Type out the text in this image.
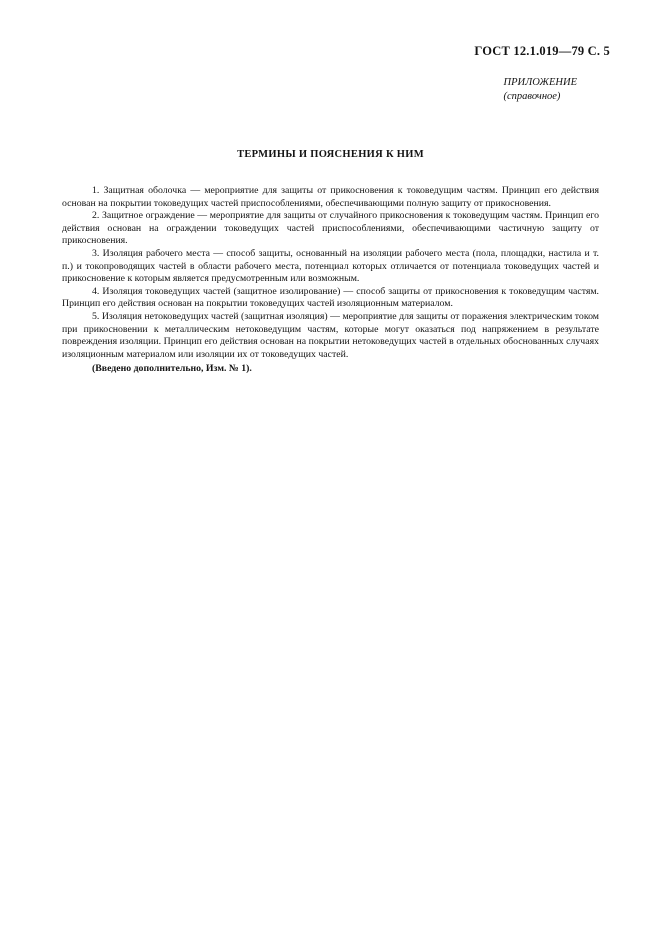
ГОСТ 12.1.019—79 С. 5
ПРИЛОЖЕНИЕ
(справочное)
ТЕРМИНЫ И ПОЯСНЕНИЯ К НИМ

1. Защитная оболочка — мероприятие для защиты от прикосновения к токоведущим частям. Принцип его действия основан на покрытии токоведущих частей приспособлениями, обеспечивающими полную защиту от прикосновения.

2. Защитное ограждение — мероприятие для защиты от случайного прикосновения к токоведущим частям. Принцип его действия основан на ограждении токоведущих частей приспособлениями, обеспечивающими частичную защиту от прикосновения.

3. Изоляция рабочего места — способ защиты, основанный на изоляции рабочего места (пола, площадки, настила и т. п.) и токопроводящих частей в области рабочего места, потенциал которых отличается от потенциала токоведущих частей и прикосновение к которым является предусмотренным или возможным.

4. Изоляция токоведущих частей (защитное изолирование) — способ защиты от прикосновения к токоведущим частям. Принцип его действия основан на покрытии токоведущих частей изоляционным материалом.

5. Изоляция нетоковедущих частей (защитная изоляция) — мероприятие для защиты от поражения электрическим током при прикосновении к металлическим нетоковедущим частям, которые могут оказаться под напряжением в результате повреждения изоляции. Принцип его действия основан на покрытии нетоковедущих частей в отдельных обоснованных случаях изоляционным материалом или изоляции их от токоведущих частей.

(Введено дополнительно, Изм. № 1).
